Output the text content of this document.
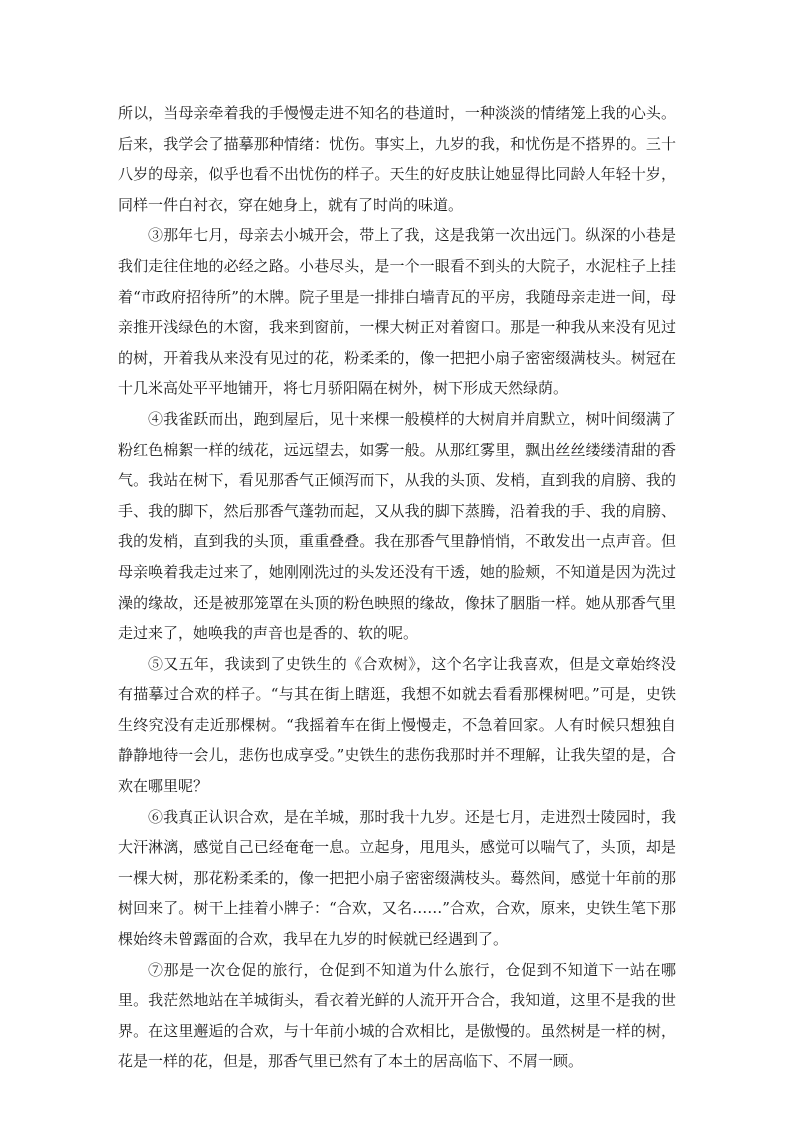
所以，当母亲牵着我的手慢慢走进不知名的巷道时，一种淡淡的情绪笼上我的心头。后来，我学会了描摹那种情绪：忧伤。事实上，九岁的我，和忧伤是不搭界的。三十八岁的母亲，似乎也看不出忧伤的样子。天生的好皮肤让她显得比同龄人年轻十岁，同样一件白衬衣，穿在她身上，就有了时尚的味道。

③那年七月，母亲去小城开会，带上了我，这是我第一次出远门。纵深的小巷是我们走往住地的必经之路。小巷尽头，是一个一眼看不到头的大院子，水泥柱子上挂着“市政府招待所”的木牌。院子里是一排排白墙青瓦的平房，我随母亲走进一间，母亲推开浅绿色的木窗，我来到窗前，一棵大树正对着窗口。那是一种我从来没有见过的树，开着我从来没有见过的花，粉柔柔的，像一把把小扇子密密缀满枝头。树冠在十几米高处平平地铺开，将七月骄阳隔在树外，树下形成天然绿荫。

④我雀跃而出，跑到屋后，见十来棵一般模样的大树肩并肩默立，树叶间缀满了粉红色棉絮一样的绒花，远远望去，如雾一般。从那红雾里，飘出丝丝缕缕清甜的香气。我站在树下，看见那香气正倾泻而下，从我的头顶、发梢，直到我的肩膀、我的手、我的脚下，然后那香气蓬勃而起，又从我的脚下蒸腾，沿着我的手、我的肩膀、我的发梢，直到我的头顶，重重叠叠。我在那香气里静悄悄，不敢发出一点声音。但母亲唤着我走过来了，她刚刚洗过的头发还没有干透，她的脸颊，不知道是因为洗过澡的缘故，还是被那笼罩在头顶的粉色映照的缘故，像抹了胭脂一样。她从那香气里走过来了，她唤我的声音也是香的、软的呢。

⑤又五年，我读到了史铁生的《合欢树》，这个名字让我喜欢，但是文章始终没有描摹过合欢的样子。“与其在街上瞎逛，我想不如就去看看那棵树吧。”可是，史铁生终究没有走近那棵树。“我摇着车在街上慢慢走，不急着回家。人有时候只想独自静静地待一会儿，悲伤也成享受。”史铁生的悲伤我那时并不理解，让我失望的是，合欢在哪里呢？

⑥我真正认识合欢，是在羊城，那时我十九岁。还是七月，走进烈士陵园时，我大汗淋漓，感觉自己已经奄奄一息。立起身，甩甩头，感觉可以喘气了，头顶，却是一棵大树，那花粉柔柔的，像一把把小扇子密密缀满枝头。蓦然间，感觉十年前的那树回来了。树干上挂着小牌子：“合欢，又名……”合欢，合欢，原来，史铁生笔下那棵始终未曾露面的合欢，我早在九岁的时候就已经遇到了。

⑦那是一次仓促的旅行，仓促到不知道为什么旅行，仓促到不知道下一站在哪里。我茫然地站在羊城街头，看衣着光鲜的人流开开合合，我知道，这里不是我的世界。在这里邂逅的合欢，与十年前小城的合欢相比，是傲慢的。虽然树是一样的树，花是一样的花，但是，那香气里已然有了本土的居高临下、不屑一顾。
